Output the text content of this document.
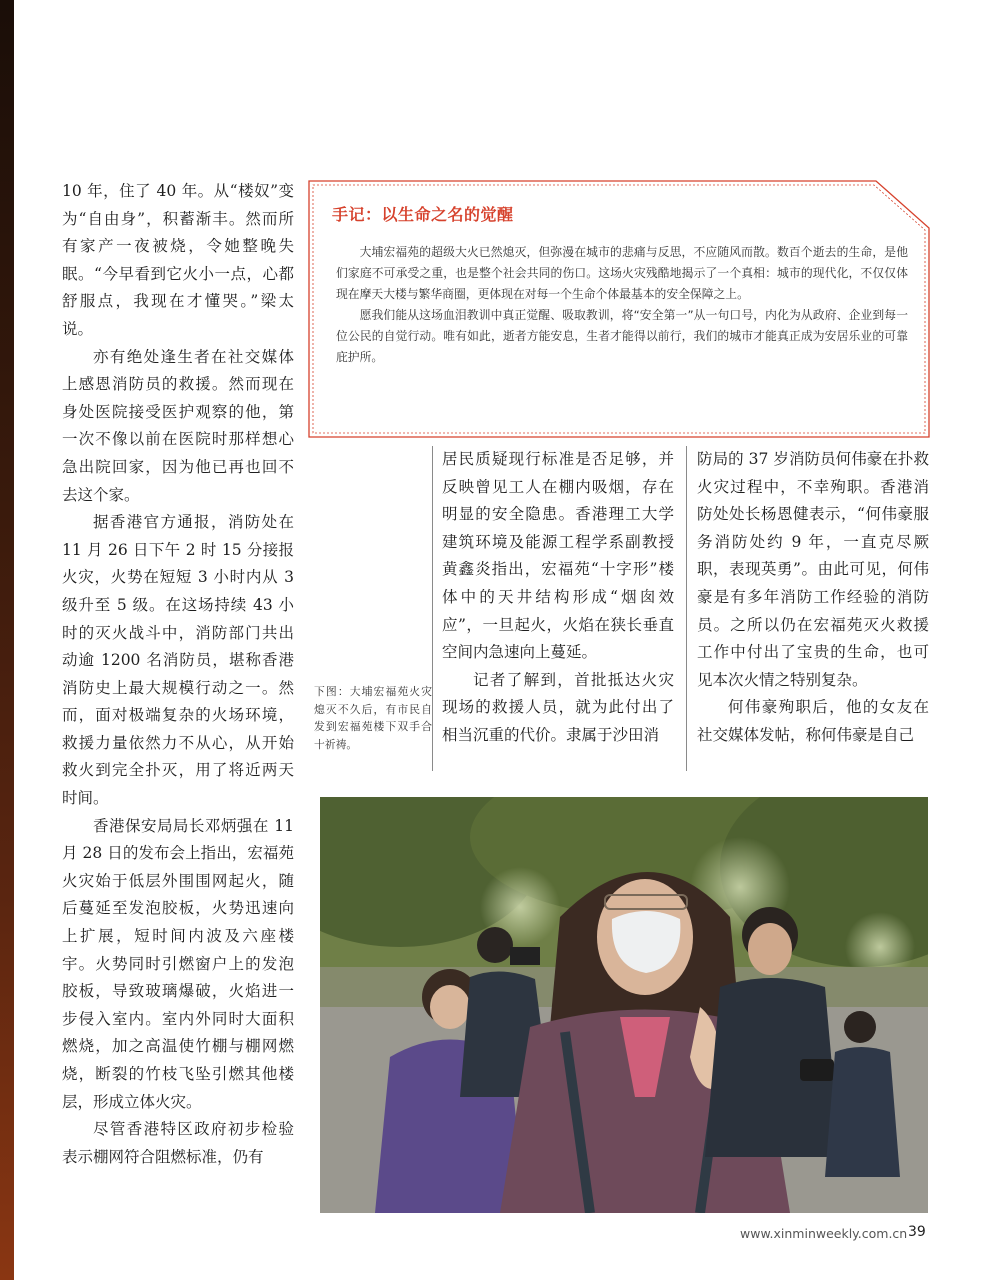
10 年，住了 40 年。从“楼奴”变为“自由身”，积蓄渐丰。然而所有家产一夜被烧，令她整晚失眠。“今早看到它火小一点，心都舒服点，我现在才懂哭。”梁太说。

亦有绝处逢生者在社交媒体上感恩消防员的救援。然而现在身处医院接受医护观察的他，第一次不像以前在医院时那样想心急出院回家，因为他已再也回不去这个家。

据香港官方通报，消防处在 11 月 26 日下午 2 时 15 分接报火灾，火势在短短 3 小时内从 3 级升至 5 级。在这场持续 43 小时的灭火战斗中，消防部门共出动逾 1200 名消防员，堪称香港消防史上最大规模行动之一。然而，面对极端复杂的火场环境，救援力量依然力不从心，从开始救火到完全扑灭，用了将近两天时间。

香港保安局局长邓炳强在 11 月 28 日的发布会上指出，宏福苑火灾始于低层外围围网起火，随后蔓延至发泡胶板，火势迅速向上扩展，短时间内波及六座楼宇。火势同时引燃窗户上的发泡胶板，导致玻璃爆破，火焰进一步侵入室内。室内外同时大面积燃烧，加之高温使竹棚与棚网燃烧，断裂的竹枝飞坠引燃其他楼层，形成立体火灾。

尽管香港特区政府初步检验表示棚网符合阻燃标准，仍有

手记：以生命之名的觉醒

大埔宏福苑的超级大火已然熄灭，但弥漫在城市的悲痛与反思，不应随风而散。数百个逝去的生命，是他们家庭不可承受之重，也是整个社会共同的伤口。这场火灾残酷地揭示了一个真相：城市的现代化，不仅仅体现在摩天大楼与繁华商圈，更体现在对每一个生命个体最基本的安全保障之上。

愿我们能从这场血泪教训中真正觉醒、吸取教训，将“安全第一”从一句口号，内化为从政府、企业到每一位公民的自觉行动。唯有如此，逝者方能安息，生者才能得以前行，我们的城市才能真正成为安居乐业的可靠庇护所。

下图：大埔宏福苑火灾熄灭不久后，有市民自发到宏福苑楼下双手合十祈祷。

居民质疑现行标准是否足够，并反映曾见工人在棚内吸烟，存在明显的安全隐患。香港理工大学建筑环境及能源工程学系副教授黄鑫炎指出，宏福苑“十字形”楼体中的天井结构形成“烟囱效应”，一旦起火，火焰在狭长垂直空间内急速向上蔓延。

记者了解到，首批抵达火灾现场的救援人员，就为此付出了相当沉重的代价。隶属于沙田消

防局的 37 岁消防员何伟豪在扑救火灾过程中，不幸殉职。香港消防处处长杨恩健表示，“何伟豪服务消防处约 9 年，一直克尽厥职，表现英勇”。由此可见，何伟豪是有多年消防工作经验的消防员。之所以仍在宏福苑灭火救援工作中付出了宝贵的生命，也可见本次火情之特别复杂。

何伟豪殉职后，他的女友在社交媒体发帖，称何伟豪是自己

www.xinminweekly.com.cn 39
